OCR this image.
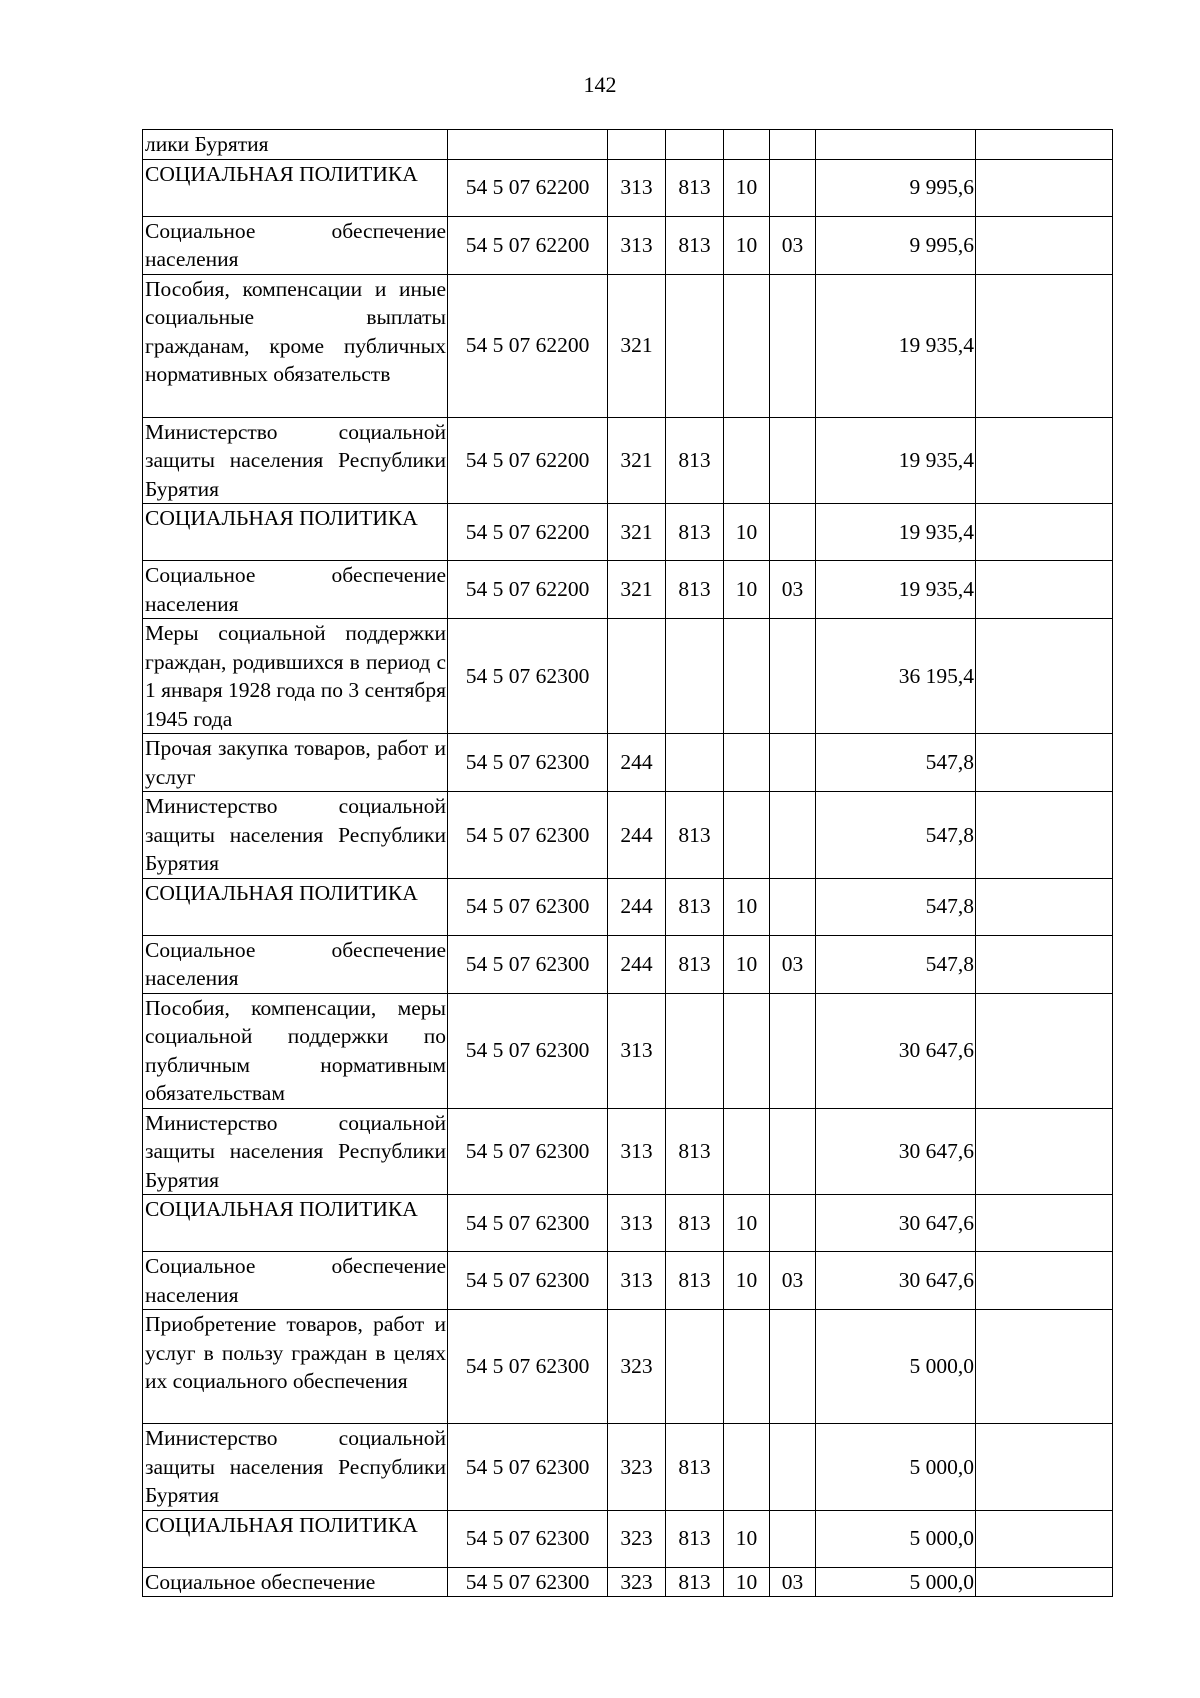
142
лики Бурятия							
СОЦИАЛЬНАЯ ПОЛИТИКА	54 5 07 62200	313	813	10		9 995,6	
Социальное обеспечение населения	54 5 07 62200	313	813	10	03	9 995,6	
Пособия, компенсации и иные социальные выплаты гражданам, кроме публичных нормативных обязательств	54 5 07 62200	321				19 935,4	
Министерство социальной защиты населения Республики Бурятия	54 5 07 62200	321	813			19 935,4	
СОЦИАЛЬНАЯ ПОЛИТИКА	54 5 07 62200	321	813	10		19 935,4	
Социальное обеспечение населения	54 5 07 62200	321	813	10	03	19 935,4	
Меры социальной поддержки граждан, родившихся в период с 1 января 1928 года по 3 сентября 1945 года	54 5 07 62300					36 195,4	
Прочая закупка товаров, работ и услуг	54 5 07 62300	244				547,8	
Министерство социальной защиты населения Республики Бурятия	54 5 07 62300	244	813			547,8	
СОЦИАЛЬНАЯ ПОЛИТИКА	54 5 07 62300	244	813	10		547,8	
Социальное обеспечение населения	54 5 07 62300	244	813	10	03	547,8	
Пособия, компенсации, меры социальной поддержки по публичным нормативным обязательствам	54 5 07 62300	313				30 647,6	
Министерство социальной защиты населения Республики Бурятия	54 5 07 62300	313	813			30 647,6	
СОЦИАЛЬНАЯ ПОЛИТИКА	54 5 07 62300	313	813	10		30 647,6	
Социальное обеспечение населения	54 5 07 62300	313	813	10	03	30 647,6	
Приобретение товаров, работ и услуг в пользу граждан в целях их социального обеспечения	54 5 07 62300	323				5 000,0	
Министерство социальной защиты населения Республики Бурятия	54 5 07 62300	323	813			5 000,0	
СОЦИАЛЬНАЯ ПОЛИТИКА	54 5 07 62300	323	813	10		5 000,0	
Социальное обеспечение	54 5 07 62300	323	813	10	03	5 000,0	
